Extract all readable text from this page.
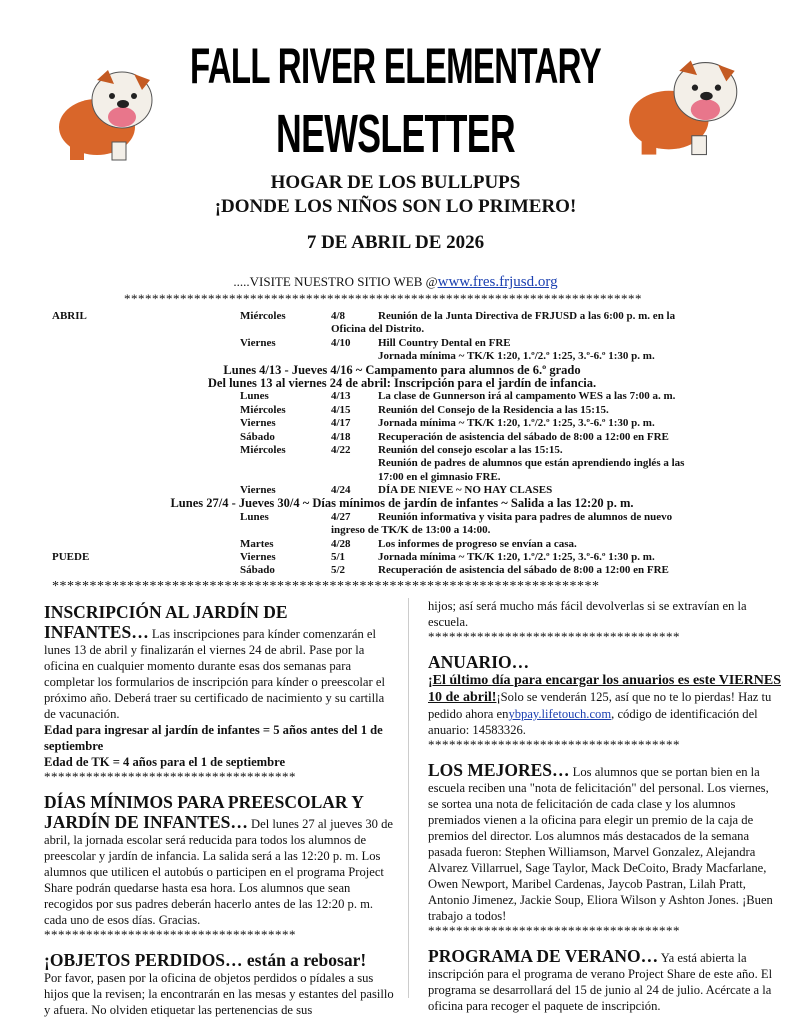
FALL RIVER ELEMENTARY
NEWSLETTER
HOGAR DE LOS BULLPUPS
¡DONDE LOS NIÑOS SON LO PRIMERO!
7 DE ABRIL DE 2026
.....VISITE NUESTRO SITIO WEB @www.fres.frjusd.org
**************************************************************************
ABRIL	Miércoles	4/8	Reunión de la Junta Directiva de FRJUSD a las 6:00 p. m. en la
Oficina del Distrito.
Viernes	4/10 Hill Country Dental en FRE
Jornada mínima ~ TK/K 1:20, 1.º/2.º 1:25, 3.º-6.º 1:30 p. m.
Lunes 4/13 - Jueves 4/16 ~ Campamento para alumnos de 6.º grado
Del lunes 13 al viernes 24 de abril: Inscripción para el jardín de infancia.
Lunes	4/13 La clase de Gunnerson irá al campamento WES a las 7:00 a. m.
Miércoles	4/15 Reunión del Consejo de la Residencia a las 15:15.
Viernes	4/17 Jornada mínima ~ TK/K 1:20, 1.º/2.º 1:25, 3.º-6.º 1:30 p. m.
Sábado	4/18 Recuperación de asistencia del sábado de 8:00 a 12:00 en FRE
Miércoles	4/22 Reunión del consejo escolar a las 15:15.
Reunión de padres de alumnos que están aprendiendo inglés a las
17:00 en el gimnasio FRE.
Viernes	4/24 DÍA DE NIEVE ~ NO HAY CLASES
Lunes 27/4 - Jueves 30/4 ~ Días mínimos de jardín de infantes ~ Salida a las 12:20 p. m.
Lunes	4/27 Reunión informativa y visita para padres de alumnos de nuevo
ingreso de TK/K de 13:00 a 14:00.
Martes	4/28 Los informes de progreso se envían a casa.
PUEDE	Viernes	5/1	Jornada mínima ~ TK/K 1:20, 1.º/2.º 1:25, 3.º-6.º 1:30 p. m.
Sábado	5/2	Recuperación de asistencia del sábado de 8:00 a 12:00 en FRE
*************************************************************************

INSCRIPCIÓN AL JARDÍN DE
INFANTES… Las inscripciones para kínder comenzarán el lunes 13 de abril y finalizarán el viernes 24 de abril. Pase por la oficina en cualquier momento durante esas dos semanas para completar los formularios de inscripción para kínder o preescolar el próximo año. Deberá traer su certificado de nacimiento y su cartilla de vacunación.

Edad para ingresar al jardín de infantes = 5 años antes del 1 de septiembre

Edad de TK = 4 años para el 1 de septiembre

************************************

DÍAS MÍNIMOS PARA PREESCOLAR Y
JARDÍN DE INFANTES… Del lunes 27 al jueves 30 de abril, la jornada escolar será reducida para todos los alumnos de preescolar y jardín de infancia. La salida será a las 12:20 p. m. Los alumnos que utilicen el autobús o participen en el programa Project Share podrán quedarse hasta esa hora. Los alumnos que sean recogidos por sus padres deberán hacerlo antes de las 12:20 p. m. cada uno de esos días. Gracias.

************************************

¡OBJETOS PERDIDOS… están a rebosar!

Por favor, pasen por la oficina de objetos perdidos o pídales a sus hijos que la revisen; la encontrarán en las mesas y estantes del pasillo y afuera. No olviden etiquetar las pertenencias de sus

hijos; así será mucho más fácil devolverlas si se extravían en la escuela.

************************************

ANUARIO…

¡El último día para encargar los anuarios es este VIERNES 10 de abril!¡Solo se venderán 125, así que no te lo pierdas! Haz tu pedido ahora enybpay.lifetouch.com, código de identificación del anuario: 14583326.

************************************

LOS MEJORES… Los alumnos que se portan bien en la escuela reciben una "nota de felicitación" del personal. Los viernes, se sortea una nota de felicitación de cada clase y los alumnos premiados vienen a la oficina para elegir un premio de la caja de premios del director. Los alumnos más destacados de la semana pasada fueron: Stephen Williamson, Marvel Gonzalez, Alejandra Alvarez Villarruel, Sage Taylor, Mack DeCoito, Brady Macfarlane, Owen Newport, Maribel Cardenas, Jaycob Pastran, Lilah Pratt, Antonio Jimenez, Jackie Soup, Eliora Wilson y Ashton Jones. ¡Buen trabajo a todos!

************************************

PROGRAMA DE VERANO… Ya está abierta la inscripción para el programa de verano Project Share de este año. El programa se desarrollará del 15 de junio al 24 de julio. Acércate a la oficina para recoger el paquete de inscripción.
